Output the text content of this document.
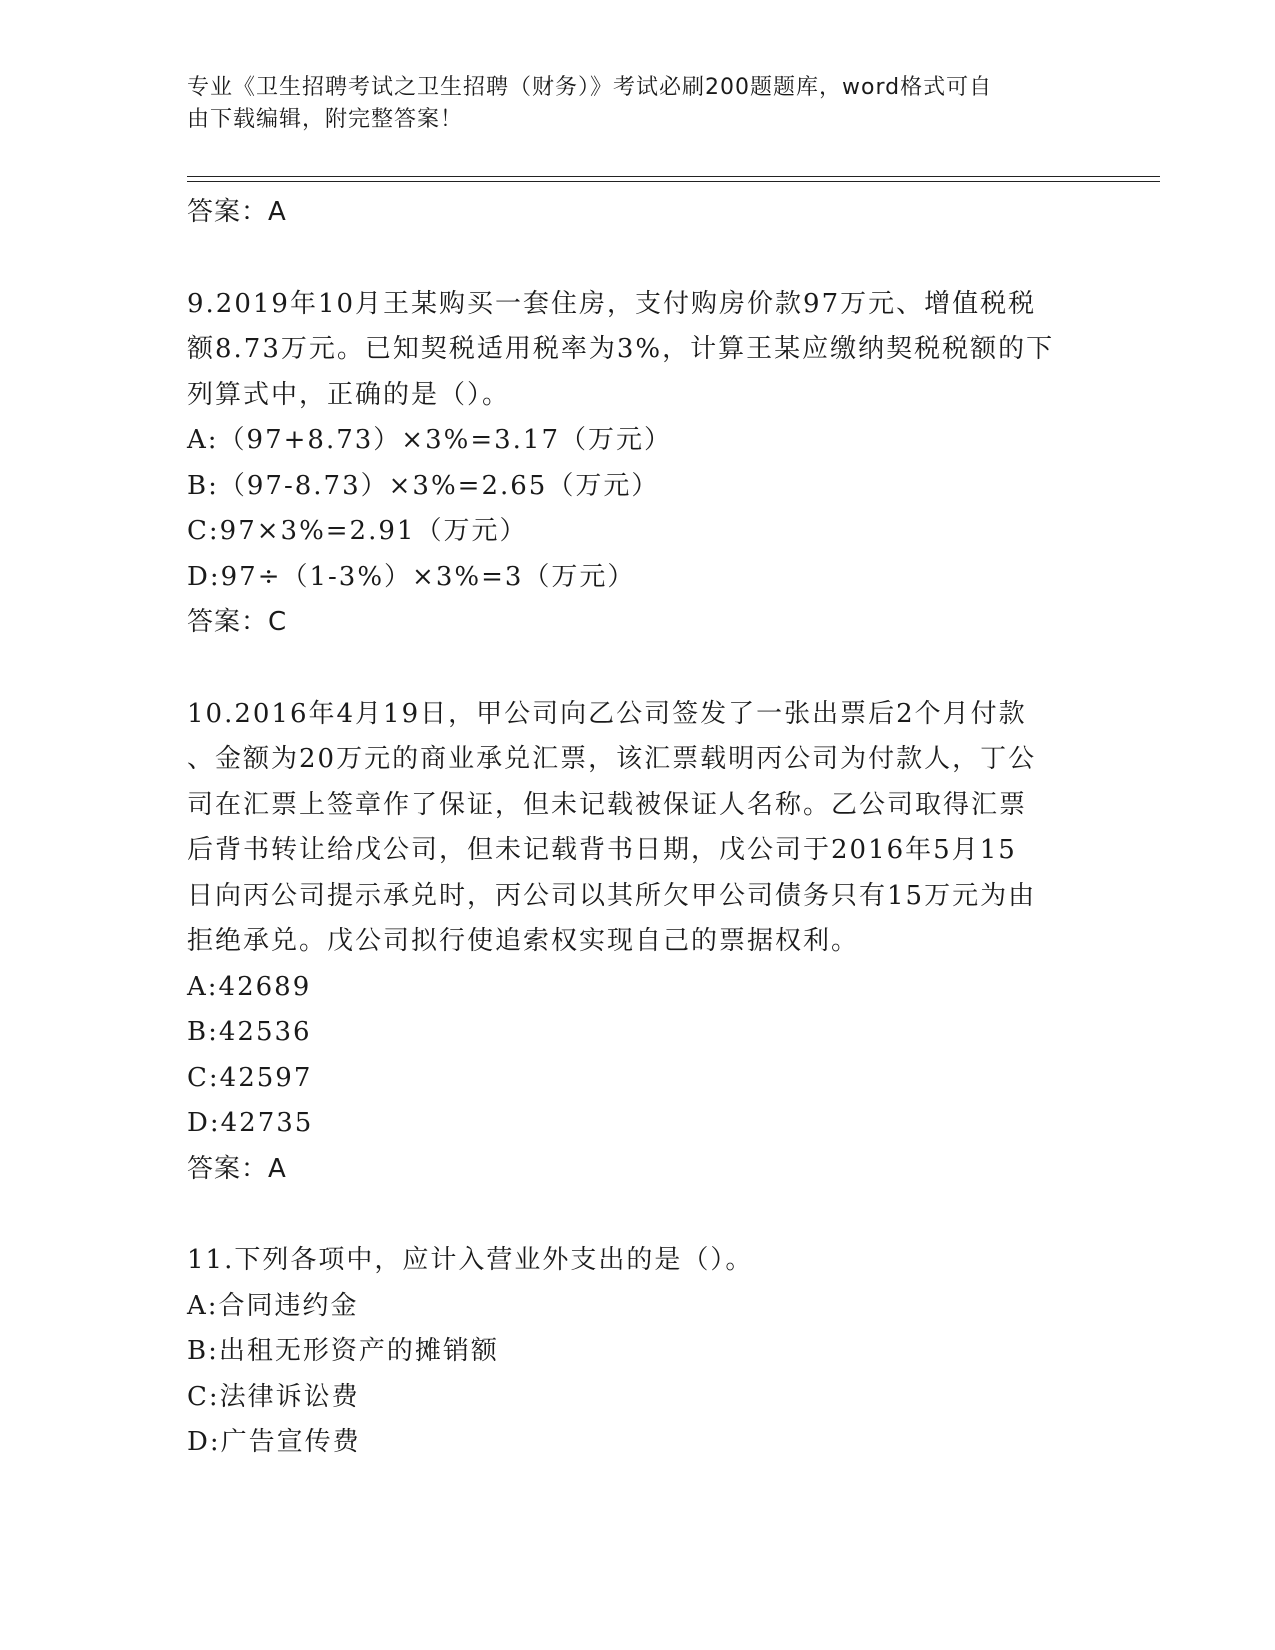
专业《卫生招聘考试之卫生招聘（财务）》考试必刷200题题库，word格式可自
由下载编辑，附完整答案！
答案：A
9.2019年10月王某购买一套住房，支付购房价款97万元、增值税税
额8.73万元。已知契税适用税率为3%，计算王某应缴纳契税税额的下
列算式中，正确的是（）。
A:（97+8.73）×3%=3.17（万元）
B:（97-8.73）×3%=2.65（万元）
C:97×3%=2.91（万元）
D:97÷（1-3%）×3%=3（万元）
答案：C
10.2016年4月19日，甲公司向乙公司签发了一张出票后2个月付款
、金额为20万元的商业承兑汇票，该汇票载明丙公司为付款人，丁公
司在汇票上签章作了保证，但未记载被保证人名称。乙公司取得汇票
后背书转让给戊公司，但未记载背书日期，戊公司于2016年5月15
日向丙公司提示承兑时，丙公司以其所欠甲公司债务只有15万元为由
拒绝承兑。戊公司拟行使追索权实现自己的票据权利。
A:42689
B:42536
C:42597
D:42735
答案：A
11.下列各项中，应计入营业外支出的是（）。
A:合同违约金
B:出租无形资产的摊销额
C:法律诉讼费
D:广告宣传费
